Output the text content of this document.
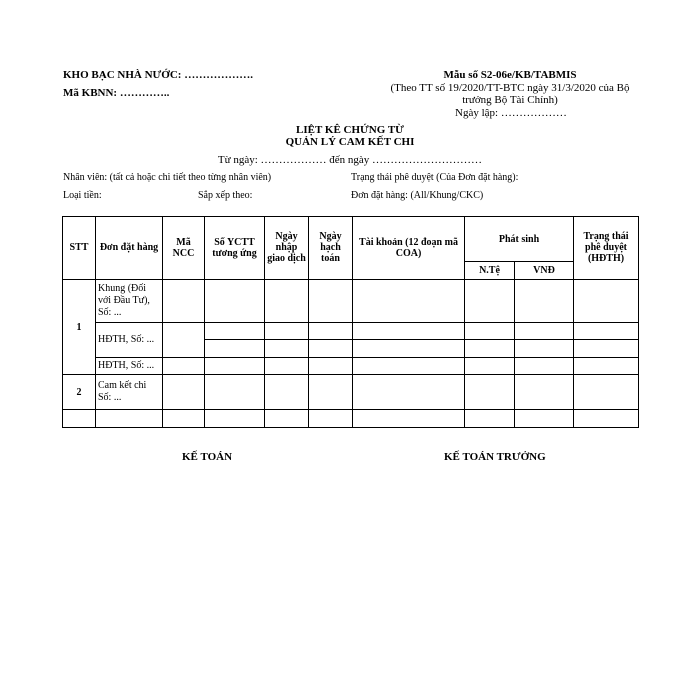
KHO BẠC NHÀ NƯỚC: ……………….
Mã KBNN: …………..
Mẫu số S2-06e/KB/TABMIS
(Theo TT số 19/2020/TT-BTC ngày 31/3/2020 của Bộ
trưởng Bộ Tài Chính)
Ngày lập: ………………
LIỆT KÊ CHỨNG TỪ
QUẢN LÝ CAM KẾT CHI
Từ ngày: ……………… đến ngày …………………………
Nhân viên: (tất cả hoặc chi tiết theo từng nhân viên)	Trạng thái phê duyệt (Của Đơn đặt hàng):
Loại tiền:	Sắp xếp theo:	Đơn đặt hàng: (All/Khung/CKC)
STT	Đơn đặt hàng	Mã NCC	Số YCTT tương ứng	Ngày nhập giao dịch	Ngày hạch toán	Tài khoản (12 đoạn mã COA)	Phát sinh		Trạng thái phê duyệt (HĐTH)
							N.Tệ	VNĐ	
1	Khung (Đối với Đầu Tư), Số: ...								
	HĐTH, Số: ...								

	HĐTH, Số: ...								
2	Cam kết chi Số: ...								

KẾ TOÁN	KẾ TOÁN TRƯỞNG
